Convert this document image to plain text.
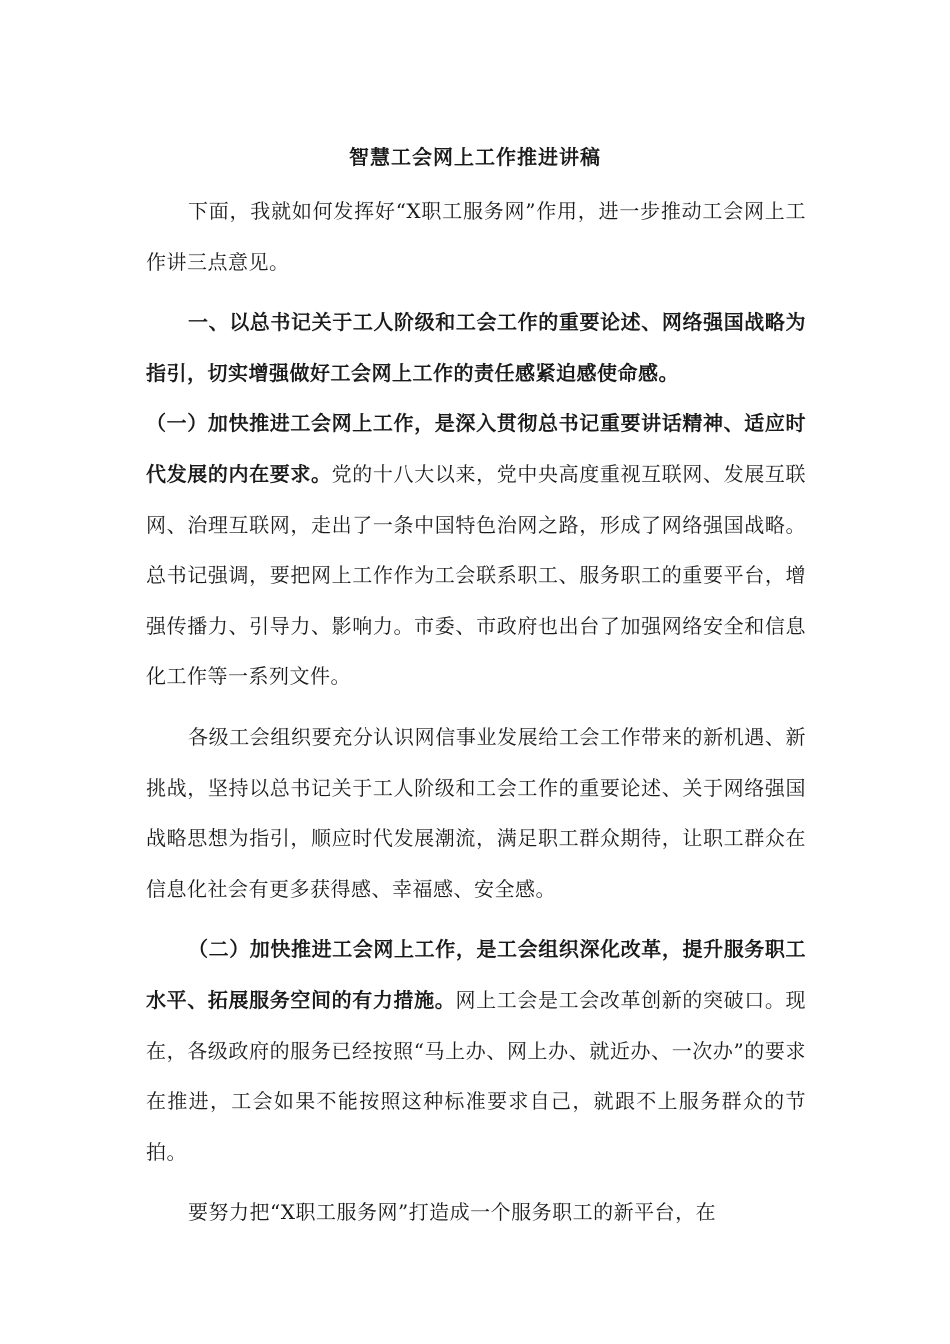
智慧工会网上工作推进讲稿

下面，我就如何发挥好“X职工服务网”作用，进一步推动工会网上工作讲三点意见。

一、以总书记关于工人阶级和工会工作的重要论述、网络强国战略为指引，切实增强做好工会网上工作的责任感紧迫感使命感。

（一）加快推进工会网上工作，是深入贯彻总书记重要讲话精神、适应时代发展的内在要求。党的十八大以来，党中央高度重视互联网、发展互联网、治理互联网，走出了一条中国特色治网之路，形成了网络强国战略。总书记强调，要把网上工作作为工会联系职工、服务职工的重要平台，增强传播力、引导力、影响力。市委、市政府也出台了加强网络安全和信息化工作等一系列文件。

各级工会组织要充分认识网信事业发展给工会工作带来的新机遇、新挑战，坚持以总书记关于工人阶级和工会工作的重要论述、关于网络强国战略思想为指引，顺应时代发展潮流，满足职工群众期待，让职工群众在信息化社会有更多获得感、幸福感、安全感。

（二）加快推进工会网上工作，是工会组织深化改革，提升服务职工水平、拓展服务空间的有力措施。网上工会是工会改革创新的突破口。现在，各级政府的服务已经按照“马上办、网上办、就近办、一次办”的要求在推进，工会如果不能按照这种标准要求自己，就跟不上服务群众的节拍。

要努力把“X职工服务网”打造成一个服务职工的新平台，在
